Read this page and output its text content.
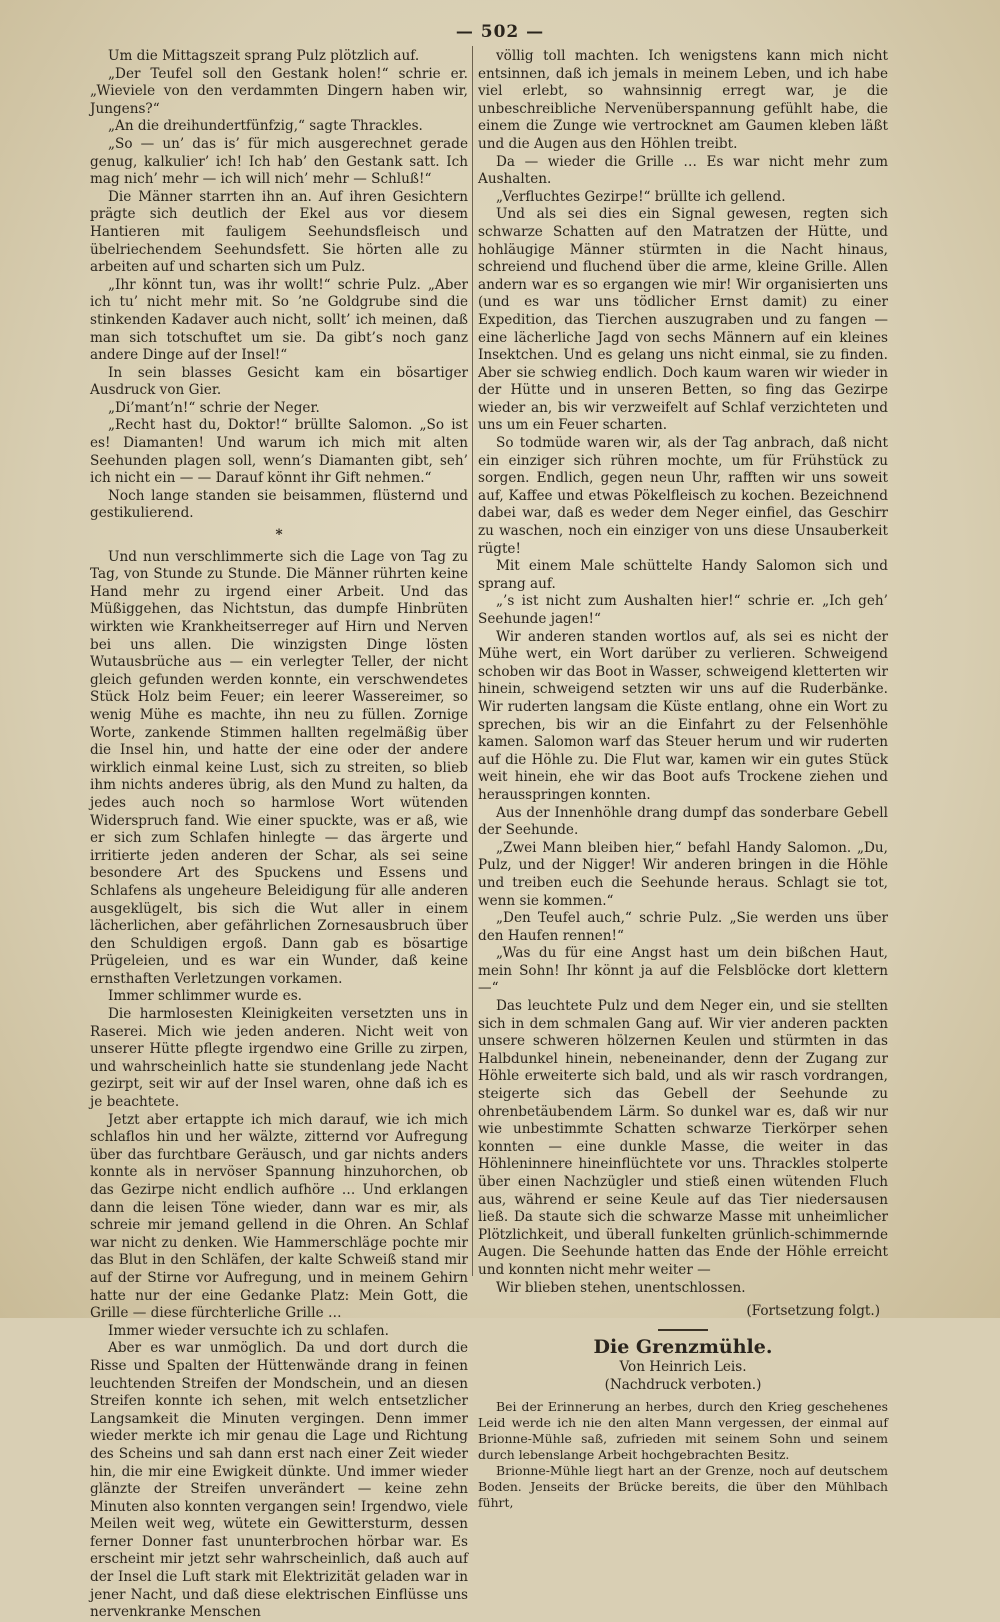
— 502 —

Um die Mittagszeit sprang Pulz plötzlich auf.

„Der Teufel soll den Gestank holen!“ schrie er. „Wieviele von den verdammten Dingern haben wir, Jungens?“

„An die dreihundertfünfzig,“ sagte Thrackles.

„So — un’ das is’ für mich ausgerechnet gerade genug, kalkulier’ ich! Ich hab’ den Gestank satt. Ich mag nich’ mehr — ich will nich’ mehr — Schluß!“

Die Männer starrten ihn an. Auf ihren Gesichtern prägte sich deutlich der Ekel aus vor diesem Hantieren mit fauligem Seehundsfleisch und übelriechendem Seehundsfett. Sie hörten alle zu arbeiten auf und scharten sich um Pulz.

„Ihr könnt tun, was ihr wollt!“ schrie Pulz. „Aber ich tu’ nicht mehr mit. So ’ne Goldgrube sind die stinkenden Kadaver auch nicht, sollt’ ich meinen, daß man sich totschuftet um sie. Da gibt’s noch ganz andere Dinge auf der Insel!“

In sein blasses Gesicht kam ein bösartiger Ausdruck von Gier.

„Di’mant’n!“ schrie der Neger.

„Recht hast du, Doktor!“ brüllte Salomon. „So ist es! Diamanten! Und warum ich mich mit alten Seehunden plagen soll, wenn’s Diamanten gibt, seh’ ich nicht ein — — Darauf könnt ihr Gift nehmen.“

Noch lange standen sie beisammen, flüsternd und gestikulierend.

*

Und nun verschlimmerte sich die Lage von Tag zu Tag, von Stunde zu Stunde. Die Männer rührten keine Hand mehr zu irgend einer Arbeit. Und das Müßiggehen, das Nichtstun, das dumpfe Hinbrüten wirkten wie Krankheitserreger auf Hirn und Nerven bei uns allen. Die winzigsten Dinge lösten Wutausbrüche aus — ein verlegter Teller, der nicht gleich gefunden werden konnte, ein verschwendetes Stück Holz beim Feuer; ein leerer Wassereimer, so wenig Mühe es machte, ihn neu zu füllen. Zornige Worte, zankende Stimmen hallten regelmäßig über die Insel hin, und hatte der eine oder der andere wirklich einmal keine Lust, sich zu streiten, so blieb ihm nichts anderes übrig, als den Mund zu halten, da jedes auch noch so harmlose Wort wütenden Widerspruch fand. Wie einer spuckte, was er aß, wie er sich zum Schlafen hinlegte — das ärgerte und irritierte jeden anderen der Schar, als sei seine besondere Art des Spuckens und Essens und Schlafens als ungeheure Beleidigung für alle anderen ausgeklügelt, bis sich die Wut aller in einem lächerlichen, aber gefährlichen Zornesausbruch über den Schuldigen ergoß. Dann gab es bösartige Prügeleien, und es war ein Wunder, daß keine ernsthaften Verletzungen vorkamen.

Immer schlimmer wurde es.

Die harmlosesten Kleinigkeiten versetzten uns in Raserei. Mich wie jeden anderen. Nicht weit von unserer Hütte pflegte irgendwo eine Grille zu zirpen, und wahrscheinlich hatte sie stundenlang jede Nacht gezirpt, seit wir auf der Insel waren, ohne daß ich es je beachtete.

Jetzt aber ertappte ich mich darauf, wie ich mich schlaflos hin und her wälzte, zitternd vor Aufregung über das furchtbare Geräusch, und gar nichts anders konnte als in nervöser Spannung hinzuhorchen, ob das Gezirpe nicht endlich aufhöre … Und erklangen dann die leisen Töne wieder, dann war es mir, als schreie mir jemand gellend in die Ohren. An Schlaf war nicht zu denken. Wie Hammerschläge pochte mir das Blut in den Schläfen, der kalte Schweiß stand mir auf der Stirne vor Aufregung, und in meinem Gehirn hatte nur der eine Gedanke Platz: Mein Gott, die Grille — diese fürchterliche Grille …

Immer wieder versuchte ich zu schlafen.

Aber es war unmöglich. Da und dort durch die Risse und Spalten der Hüttenwände drang in feinen leuchtenden Streifen der Mondschein, und an diesen Streifen konnte ich sehen, mit welch entsetzlicher Langsamkeit die Minuten vergingen. Denn immer wieder merkte ich mir genau die Lage und Richtung des Scheins und sah dann erst nach einer Zeit wieder hin, die mir eine Ewigkeit dünkte. Und immer wieder glänzte der Streifen unverändert — keine zehn Minuten also konnten vergangen sein! Irgendwo, viele Meilen weit weg, wütete ein Gewittersturm, dessen ferner Donner fast ununterbrochen hörbar war. Es erscheint mir jetzt sehr wahrscheinlich, daß auch auf der Insel die Luft stark mit Elektrizität geladen war in jener Nacht, und daß diese elektrischen Einflüsse uns nervenkranke Menschen

völlig toll machten. Ich wenigstens kann mich nicht entsinnen, daß ich jemals in meinem Leben, und ich habe viel erlebt, so wahnsinnig erregt war, je die unbeschreibliche Nervenüberspannung gefühlt habe, die einem die Zunge wie vertrocknet am Gaumen kleben läßt und die Augen aus den Höhlen treibt.

Da — wieder die Grille … Es war nicht mehr zum Aushalten.

„Verfluchtes Gezirpe!“ brüllte ich gellend.

Und als sei dies ein Signal gewesen, regten sich schwarze Schatten auf den Matratzen der Hütte, und hohläugige Männer stürmten in die Nacht hinaus, schreiend und fluchend über die arme, kleine Grille. Allen andern war es so ergangen wie mir! Wir organisierten uns (und es war uns tödlicher Ernst damit) zu einer Expedition, das Tierchen auszugraben und zu fangen — eine lächerliche Jagd von sechs Männern auf ein kleines Insektchen. Und es gelang uns nicht einmal, sie zu finden. Aber sie schwieg endlich. Doch kaum waren wir wieder in der Hütte und in unseren Betten, so fing das Gezirpe wieder an, bis wir verzweifelt auf Schlaf verzichteten und uns um ein Feuer scharten.

So todmüde waren wir, als der Tag anbrach, daß nicht ein einziger sich rühren mochte, um für Frühstück zu sorgen. Endlich, gegen neun Uhr, rafften wir uns soweit auf, Kaffee und etwas Pökelfleisch zu kochen. Bezeichnend dabei war, daß es weder dem Neger einfiel, das Geschirr zu waschen, noch ein einziger von uns diese Unsauberkeit rügte!

Mit einem Male schüttelte Handy Salomon sich und sprang auf.

„’s ist nicht zum Aushalten hier!“ schrie er. „Ich geh’ Seehunde jagen!“

Wir anderen standen wortlos auf, als sei es nicht der Mühe wert, ein Wort darüber zu verlieren. Schweigend schoben wir das Boot in Wasser, schweigend kletterten wir hinein, schweigend setzten wir uns auf die Ruderbänke. Wir ruderten langsam die Küste entlang, ohne ein Wort zu sprechen, bis wir an die Einfahrt zu der Felsenhöhle kamen. Salomon warf das Steuer herum und wir ruderten auf die Höhle zu. Die Flut war, kamen wir ein gutes Stück weit hinein, ehe wir das Boot aufs Trockene ziehen und herausspringen konnten.

Aus der Innenhöhle drang dumpf das sonderbare Gebell der Seehunde.

„Zwei Mann bleiben hier,“ befahl Handy Salomon. „Du, Pulz, und der Nigger! Wir anderen bringen in die Höhle und treiben euch die Seehunde heraus. Schlagt sie tot, wenn sie kommen.“

„Den Teufel auch,“ schrie Pulz. „Sie werden uns über den Haufen rennen!“

„Was du für eine Angst hast um dein bißchen Haut, mein Sohn! Ihr könnt ja auf die Felsblöcke dort klettern —“

Das leuchtete Pulz und dem Neger ein, und sie stellten sich in dem schmalen Gang auf. Wir vier anderen packten unsere schweren hölzernen Keulen und stürmten in das Halbdunkel hinein, nebeneinander, denn der Zugang zur Höhle erweiterte sich bald, und als wir rasch vordrangen, steigerte sich das Gebell der Seehunde zu ohrenbetäubendem Lärm. So dunkel war es, daß wir nur wie unbestimmte Schatten schwarze Tierkörper sehen konnten — eine dunkle Masse, die weiter in das Höhleninnere hineinflüchtete vor uns. Thrackles stolperte über einen Nachzügler und stieß einen wütenden Fluch aus, während er seine Keule auf das Tier niedersausen ließ. Da staute sich die schwarze Masse mit unheimlicher Plötzlichkeit, und überall funkelten grünlich-schimmernde Augen. Die Seehunde hatten das Ende der Höhle erreicht und konnten nicht mehr weiter —

Wir blieben stehen, unentschlossen.

(Fortsetzung folgt.)
Die Grenzmühle.
Von Heinrich Leis.
(Nachdruck verboten.)

Bei der Erinnerung an herbes, durch den Krieg geschehenes Leid werde ich nie den alten Mann vergessen, der einmal auf Brionne-Mühle saß, zufrieden mit seinem Sohn und seinem durch lebenslange Arbeit hochgebrachten Besitz.

Brionne-Mühle liegt hart an der Grenze, noch auf deutschem Boden. Jenseits der Brücke bereits, die über den Mühlbach führt,
